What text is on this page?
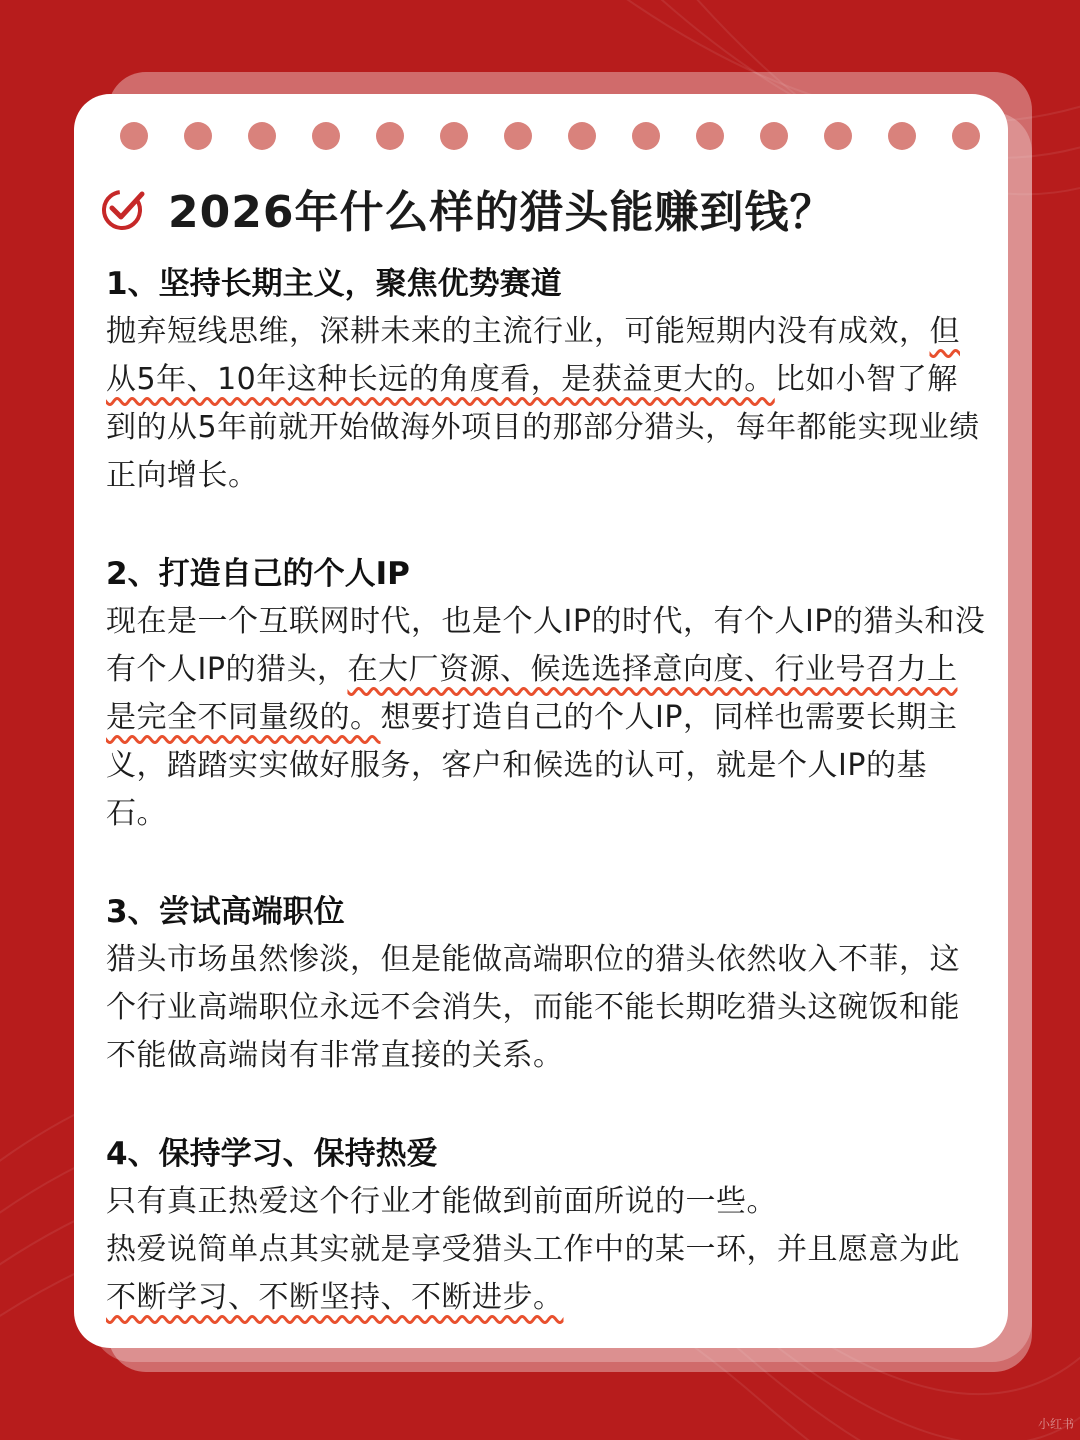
2026年什么样的猎头能赚到钱？
1、坚持长期主义，聚焦优势赛道

抛弃短线思维，深耕未来的主流行业，可能短期内没有成效，但从5年、10年这种长远的角度看，是获益更大的。比如小智了解到的从5年前就开始做海外项目的那部分猎头，每年都能实现业绩正向增长。

2、打造自己的个人IP

现在是一个互联网时代，也是个人IP的时代，有个人IP的猎头和没有个人IP的猎头，在大厂资源、候选选择意向度、行业号召力上是完全不同量级的。想要打造自己的个人IP，同样也需要长期主义，踏踏实实做好服务，客户和候选的认可，就是个人IP的基石。

3、尝试高端职位

猎头市场虽然惨淡，但是能做高端职位的猎头依然收入不菲，这个行业高端职位永远不会消失，而能不能长期吃猎头这碗饭和能不能做高端岗有非常直接的关系。

4、保持学习、保持热爱

只有真正热爱这个行业才能做到前面所说的一些。
热爱说简单点其实就是享受猎头工作中的某一环，并且愿意为此不断学习、不断坚持、不断进步。

小红书
